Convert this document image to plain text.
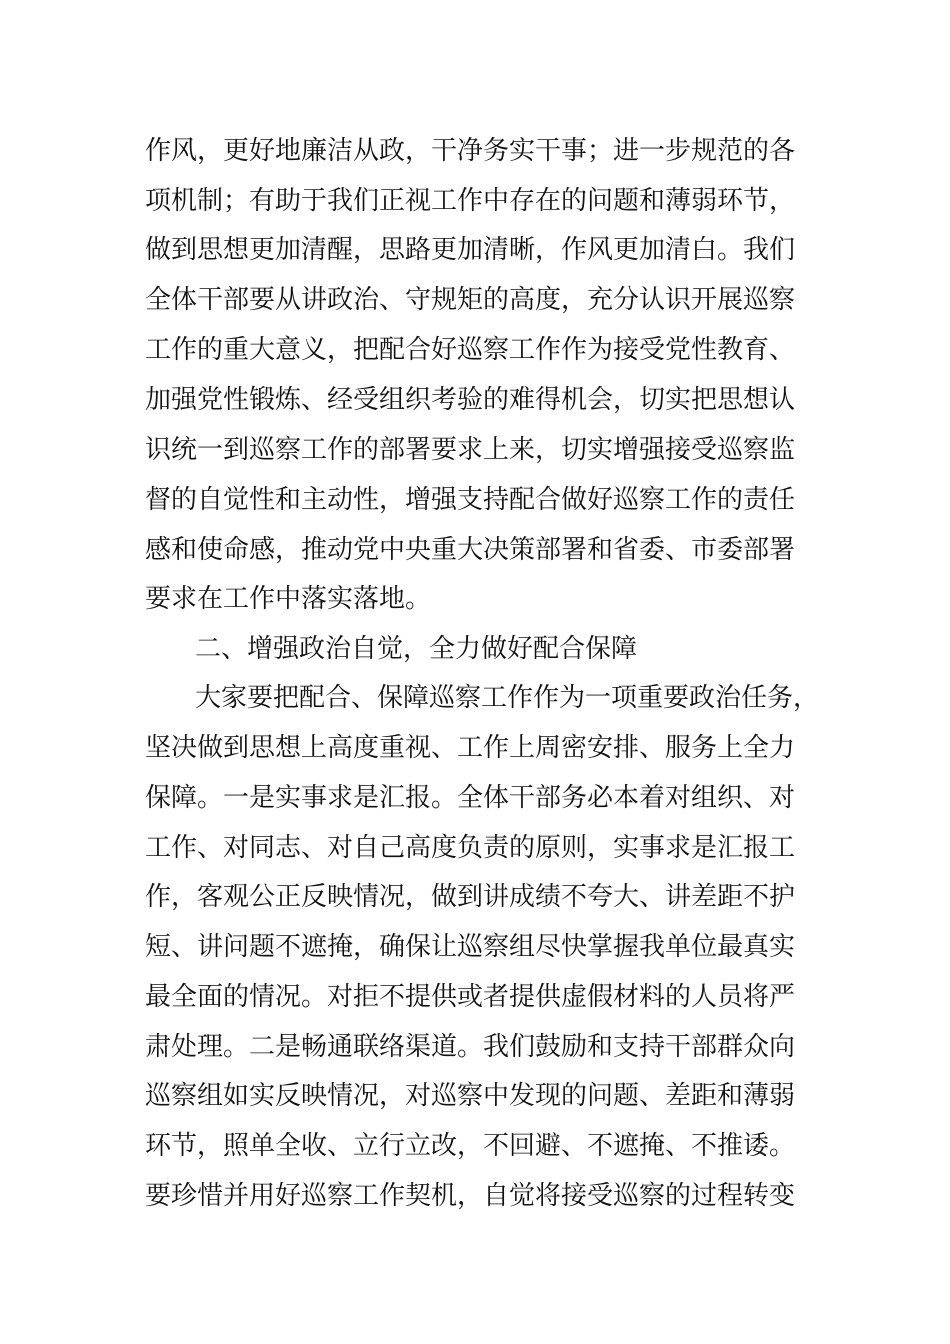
作风，更好地廉洁从政，干净务实干事；进一步规范的各
项机制；有助于我们正视工作中存在的问题和薄弱环节，
做到思想更加清醒，思路更加清晰，作风更加清白。我们
全体干部要从讲政治、守规矩的高度，充分认识开展巡察
工作的重大意义，把配合好巡察工作作为接受党性教育、
加强党性锻炼、经受组织考验的难得机会，切实把思想认
识统一到巡察工作的部署要求上来，切实增强接受巡察监
督的自觉性和主动性，增强支持配合做好巡察工作的责任
感和使命感，推动党中央重大决策部署和省委、市委部署
要求在工作中落实落地。
二、增强政治自觉，全力做好配合保障
大家要把配合、保障巡察工作作为一项重要政治任务，
坚决做到思想上高度重视、工作上周密安排、服务上全力
保障。一是实事求是汇报。全体干部务必本着对组织、对
工作、对同志、对自己高度负责的原则，实事求是汇报工
作，客观公正反映情况，做到讲成绩不夸大、讲差距不护
短、讲问题不遮掩，确保让巡察组尽快掌握我单位最真实
最全面的情况。对拒不提供或者提供虚假材料的人员将严
肃处理。二是畅通联络渠道。我们鼓励和支持干部群众向
巡察组如实反映情况，对巡察中发现的问题、差距和薄弱
环节，照单全收、立行立改，不回避、不遮掩、不推诿。
要珍惜并用好巡察工作契机，自觉将接受巡察的过程转变
